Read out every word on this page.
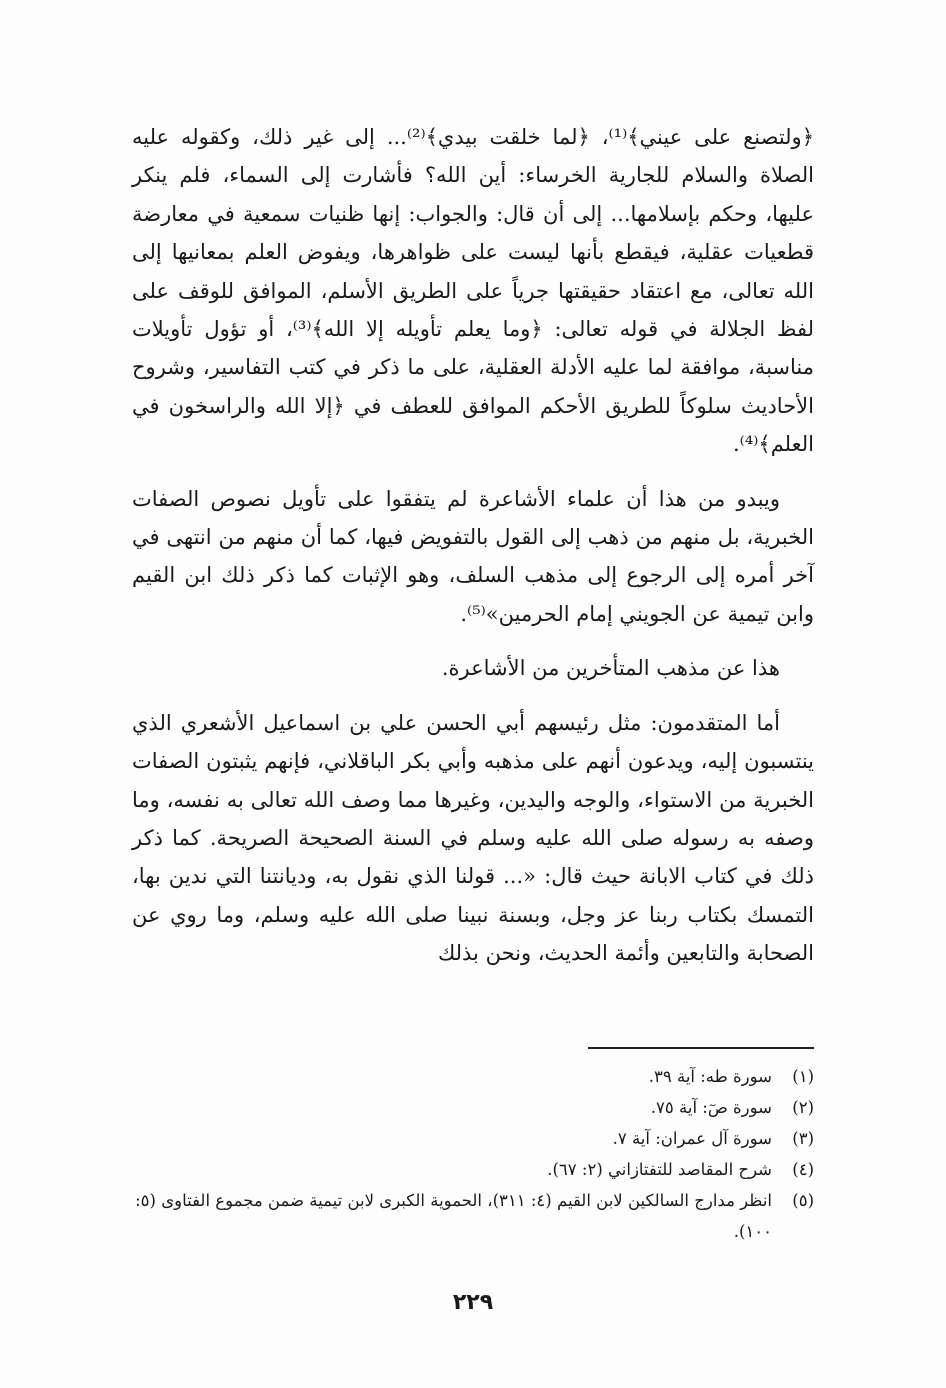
﴿ولتصنع على عيني﴾⁽¹⁾، ﴿لما خلقت بيدي﴾⁽²⁾... إلى غير ذلك، وكقوله عليه الصلاة والسلام للجارية الخرساء: أين الله؟ فأشارت إلى السماء، فلم ينكر عليها، وحكم بإسلامها... إلى أن قال: والجواب: إنها ظنيات سمعية في معارضة قطعيات عقلية، فيقطع بأنها ليست على ظواهرها، ويفوض العلم بمعانيها إلى الله تعالى، مع اعتقاد حقيقتها جرياً على الطريق الأسلم، الموافق للوقف على لفظ الجلالة في قوله تعالى: ﴿وما يعلم تأويله إلا الله﴾⁽³⁾، أو تؤول تأويلات مناسبة، موافقة لما عليه الأدلة العقلية، على ما ذكر في كتب التفاسير، وشروح الأحاديث سلوكاً للطريق الأحكم الموافق للعطف في ﴿إلا الله والراسخون في العلم﴾⁽⁴⁾.

ويبدو من هذا أن علماء الأشاعرة لم يتفقوا على تأويل نصوص الصفات الخبرية، بل منهم من ذهب إلى القول بالتفويض فيها، كما أن منهم من انتهى في آخر أمره إلى الرجوع إلى مذهب السلف، وهو الإثبات كما ذكر ذلك ابن القيم وابن تيمية عن الجويني إمام الحرمين»⁽⁵⁾.

هذا عن مذهب المتأخرين من الأشاعرة.

أما المتقدمون: مثل رئيسهم أبي الحسن علي بن اسماعيل الأشعري الذي ينتسبون إليه، ويدعون أنهم على مذهبه وأبي بكر الباقلاني، فإنهم يثبتون الصفات الخبرية من الاستواء، والوجه واليدين، وغيرها مما وصف الله تعالى به نفسه، وما وصفه به رسوله صلى الله عليه وسلم في السنة الصحيحة الصريحة. كما ذكر ذلك في كتاب الابانة حيث قال: «... قولنا الذي نقول به، وديانتنا التي ندين بها، التمسك بكتاب ربنا عز وجل، وبسنة نبينا صلى الله عليه وسلم، وما روي عن الصحابة والتابعين وأئمة الحديث، ونحن بذلك

(١)
سورة طه: آية ٣٩.
(٢)
سورة صٓ: آية ٧٥.
(٣)
سورة آل عمران: آية ٧.
(٤)
شرح المقاصد للتفتازاني (٢: ٦٧).
(٥)
انظر مدارج السالكين لابن القيم (٤: ٣١١)، الحموية الكبرى لابن تيمية ضمن مجموع الفتاوى (٥: ١٠٠).
٢٢٩
